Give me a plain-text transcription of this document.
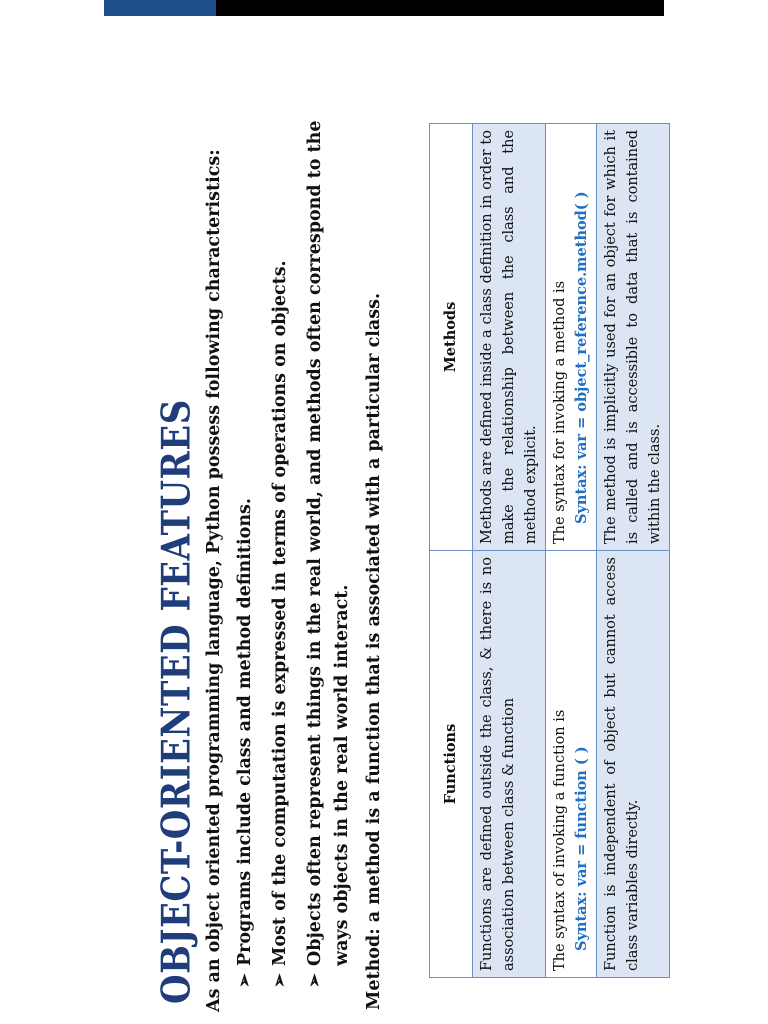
OBJECT-ORIENTED FEATURES As an object oriented programming language, Python possess following characteristics: ➢
Programs include class and method definitions.
➢
Most of the computation is expressed in terms of operations on objects.
➢
Objects often represent things in the real world, and methods often correspond to the ways objects in the real world interact.
Method: a method is a function that is associated with a particular class.	Functions	Methods
Functions are defined outside the class, & there is no association between class & function	Methods are defined inside a class definition in order to make the relationship between the class and the method explicit.
The syntax of invoking a function is Syntax: var = function ( )	The syntax for invoking a method is Syntax: var = object_reference.method( )

Function is independent of object but cannot access class variables directly.	The method is implicitly used for an object for which it is called and is accessible to data that is contained within the class.
